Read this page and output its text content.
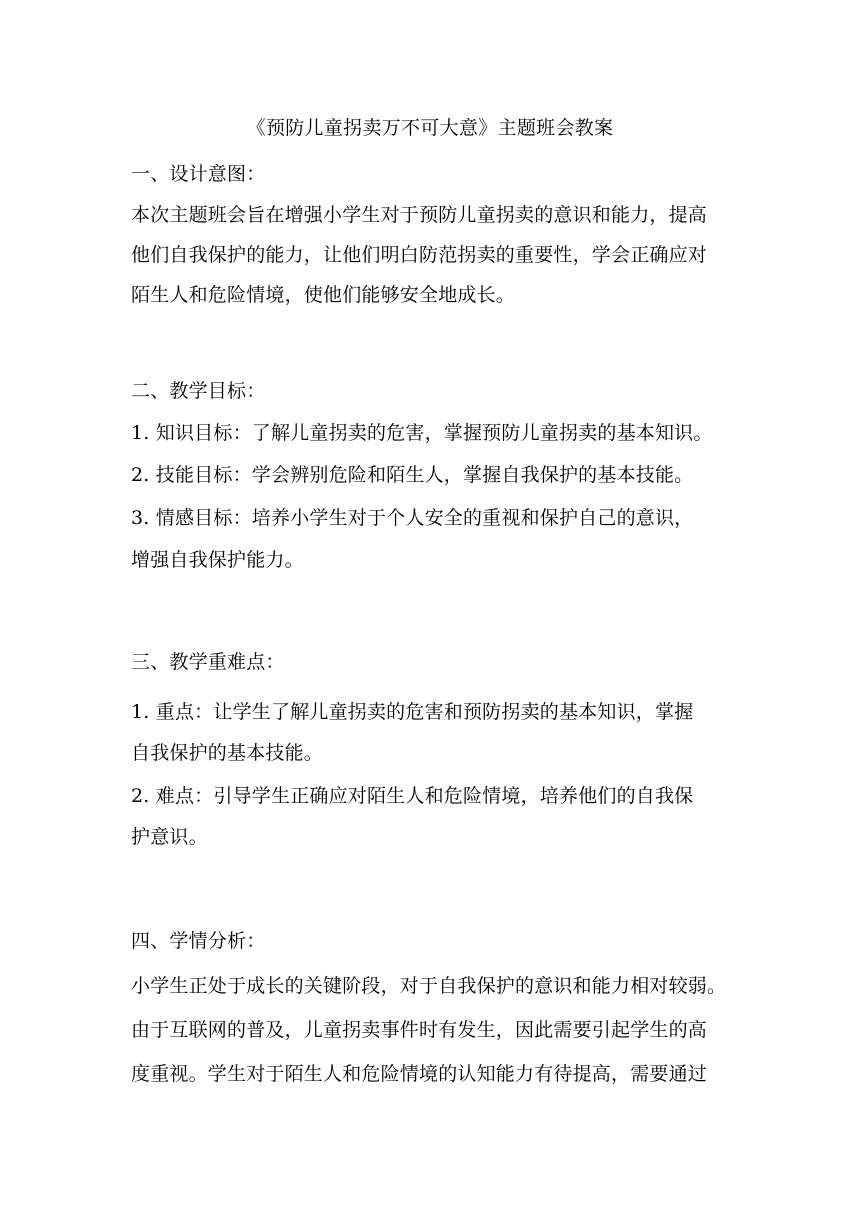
《预防儿童拐卖万不可大意》主题班会教案
一、设计意图：
本次主题班会旨在增强小学生对于预防儿童拐卖的意识和能力，提高
他们自我保护的能力，让他们明白防范拐卖的重要性，学会正确应对
陌生人和危险情境，使他们能够安全地成长。
二、教学目标：
1. 知识目标：了解儿童拐卖的危害，掌握预防儿童拐卖的基本知识。
2. 技能目标：学会辨别危险和陌生人，掌握自我保护的基本技能。
3. 情感目标：培养小学生对于个人安全的重视和保护自己的意识，
增强自我保护能力。
三、教学重难点：
1. 重点：让学生了解儿童拐卖的危害和预防拐卖的基本知识，掌握
自我保护的基本技能。
2. 难点：引导学生正确应对陌生人和危险情境，培养他们的自我保
护意识。
四、学情分析：
小学生正处于成长的关键阶段，对于自我保护的意识和能力相对较弱。
由于互联网的普及，儿童拐卖事件时有发生，因此需要引起学生的高
度重视。学生对于陌生人和危险情境的认知能力有待提高，需要通过
